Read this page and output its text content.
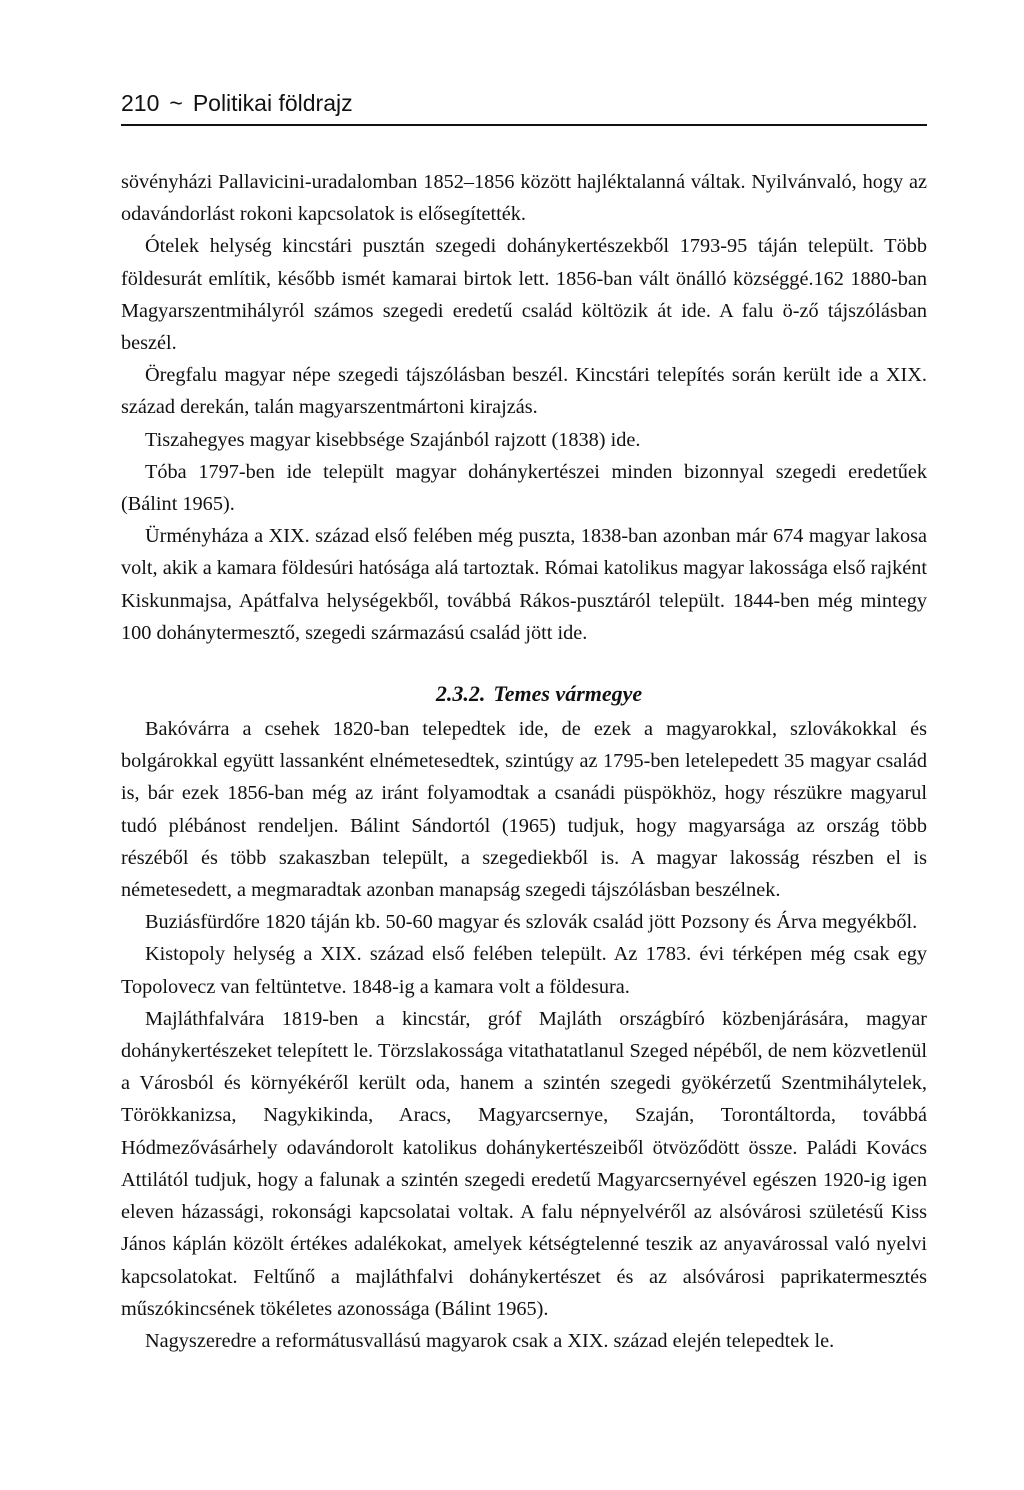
210 ~ Politikai földrajz

sövényházi Pallavicini-uradalomban 1852–1856 között hajléktalanná váltak. Nyilvánvaló, hogy az odavándorlást rokoni kapcsolatok is elősegítették.

Ótelek helység kincstári pusztán szegedi dohánykertészekből 1793-95 táján települt. Több földesurát említik, később ismét kamarai birtok lett. 1856-ban vált önálló községgé.162 1880-ban Magyarszentmihályról számos szegedi eredetű család költözik át ide. A falu ö-ző tájszólásban beszél.

Öregfalu magyar népe szegedi tájszólásban beszél. Kincstári telepítés során került ide a XIX. század derekán, talán magyarszentmártoni kirajzás.

Tiszahegyes magyar kisebbsége Szajánból rajzott (1838) ide.

Tóba 1797-ben ide települt magyar dohánykertészei minden bizonnyal szegedi eredetűek (Bálint 1965).

Ürményháza a XIX. század első felében még puszta, 1838-ban azonban már 674 magyar lakosa volt, akik a kamara földesúri hatósága alá tartoztak. Római katolikus magyar lakossága első rajként Kiskunmajsa, Apátfalva helységekből, továbbá Rákos-pusztáról települt. 1844-ben még mintegy 100 dohánytermesztő, szegedi származású család jött ide.

2.3.2. Temes vármegye

Bakóvárra a csehek 1820-ban telepedtek ide, de ezek a magyarokkal, szlovákokkal és bolgárokkal együtt lassanként elnémetesedtek, szintúgy az 1795-ben letelepedett 35 magyar család is, bár ezek 1856-ban még az iránt folyamodtak a csanádi püspökhöz, hogy részükre magyarul tudó plébánost rendeljen. Bálint Sándortól (1965) tudjuk, hogy magyarsága az ország több részéből és több szakaszban települt, a szegediekből is. A magyar lakosság részben el is németesedett, a megmaradtak azonban manapság szegedi tájszólásban beszélnek.

Buziásfürdőre 1820 táján kb. 50-60 magyar és szlovák család jött Pozsony és Árva megyékből.

Kistopoly helység a XIX. század első felében települt. Az 1783. évi térképen még csak egy Topolovecz van feltüntetve. 1848-ig a kamara volt a földesura.

Majláthfalvára 1819-ben a kincstár, gróf Majláth országbíró közbenjárására, magyar dohánykertészeket telepített le. Törzslakossága vitathatatlanul Szeged népéből, de nem közvetlenül a Városból és környékéről került oda, hanem a szintén szegedi gyökérzetű Szentmihálytelek, Törökkanizsa, Nagykikinda, Aracs, Magyarcsernye, Szaján, Torontáltorda, továbbá Hódmezővásárhely odavándorolt katolikus dohánykertészeiből ötvöződött össze. Paládi Kovács Attilától tudjuk, hogy a falunak a szintén szegedi eredetű Magyarcsernyével egészen 1920-ig igen eleven házassági, rokonsági kapcsolatai voltak. A falu népnyelvéről az alsóvárosi születésű Kiss János káplán közölt értékes adalékokat, amelyek kétségtelenné teszik az anyavárossal való nyelvi kapcsolatokat. Feltűnő a majláthfalvi dohánykertészet és az alsóvárosi paprikatermesztés műszókincsének tökéletes azonossága (Bálint 1965).

Nagyszeredre a reformátusvallású magyarok csak a XIX. század elején telepedtek le.
